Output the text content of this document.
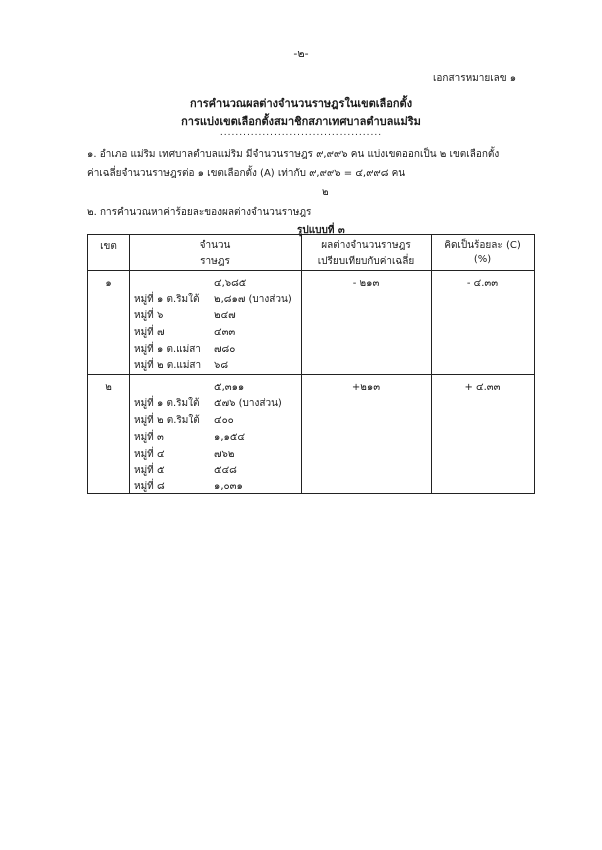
-๒-
เอกสารหมายเลข ๑
การคำนวณผลต่างจำนวนราษฎรในเขตเลือกตั้ง
การแบ่งเขตเลือกตั้งสมาชิกสภาเทศบาลตำบลแม่ริม
..........................................
๑. อำเภอ แม่ริม เทศบาลตำบลแม่ริม มีจำนวนราษฎร ๙,๙๙๖ คน แบ่งเขตออกเป็น ๒ เขตเลือกตั้ง
ค่าเฉลี่ยจำนวนราษฎรต่อ ๑ เขตเลือกตั้ง (A) เท่ากับ ๙,๙๙๖ = ๔,๙๙๘ คน
๒
๒. การคำนวณหาค่าร้อยละของผลต่างจำนวนราษฎร
รูปแบบที่ ๓
เขต	จำนวน
ราษฎร
ผลต่างจำนวนราษฎร
เปรียบเทียบกับค่าเฉลี่ย
คิดเป็นร้อยละ (C)
(%)
๑	๔,๖๘๕	- ๒๑๓	- ๔.๓๓
หมู่ที่ ๑ ต.ริมใต้ ๒,๘๑๗ (บางส่วน)
หมู่ที่ ๖	๒๔๗
หมู่ที่ ๗	๔๓๓
หมู่ที่ ๑ ต.แม่สา ๗๘๐
หมู่ที่ ๒ ต.แม่สา ๖๘
๒	๕,๓๑๑	+๒๑๓	+ ๔.๓๓
หมู่ที่ ๑ ต.ริมใต้ ๕๗๖ (บางส่วน)
หมู่ที่ ๒ ต.ริมใต้ ๔๐๐
หมู่ที่ ๓	๑,๑๕๔
หมู่ที่ ๔	๗๖๒
หมู่ที่ ๕	๕๔๘
หมู่ที่ ๘	๑,๐๓๑
